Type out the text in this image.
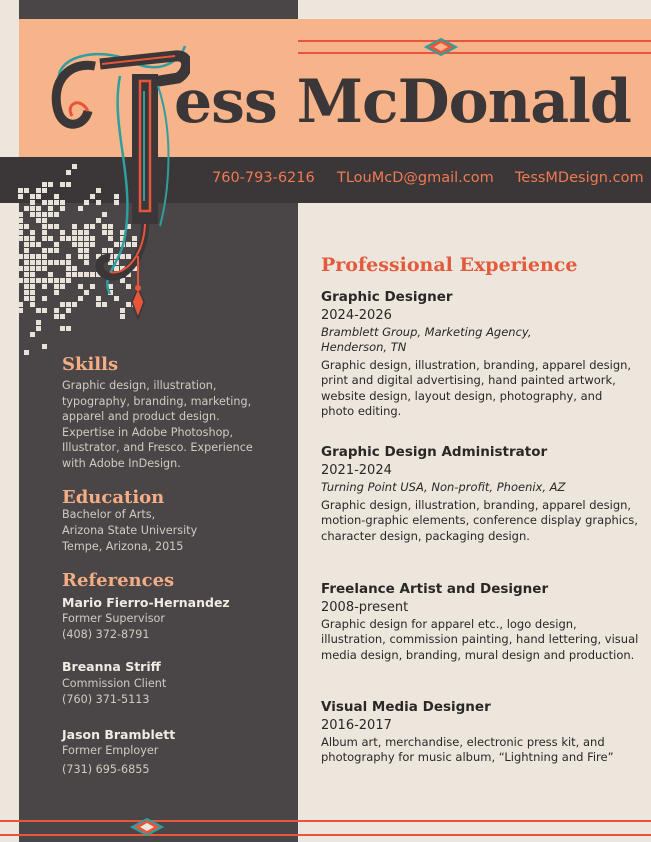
ess McDonald
760-793-6216 TLouMcD@gmail.com TessMDesign.com
Skills
Graphic design, illustration, typography, branding, marketing, apparel and product design. Expertise in Adobe Photoshop, Illustrator, and Fresco. Experience with Adobe InDesign.
Education
Bachelor of Arts,
Arizona State University
Tempe, Arizona, 2015
References
Mario Fierro-Hernandez
Former Supervisor
(408) 372-8791
Breanna Striff
Commission Client
(760) 371-5113
Jason Bramblett
Former Employer
(731) 695-6855
Professional Experience

Graphic Designer

2024-2026

Bramblett Group, Marketing Agency, Henderson, TN

Graphic design, illustration, branding, apparel design, print and digital advertising, hand painted artwork, website design, layout design, photography, and photo editing.

Graphic Design Administrator

2021-2024

Turning Point USA, Non-profit, Phoenix, AZ

Graphic design, illustration, branding, apparel design, motion-graphic elements, conference display graphics, character design, packaging design.

Freelance Artist and Designer

2008-present

Graphic design for apparel etc., logo design, illustration, commission painting, hand lettering, visual media design, branding, mural design and production.

Visual Media Designer

2016-2017

Album art, merchandise, electronic press kit, and photography for music album, “Lightning and Fire”
